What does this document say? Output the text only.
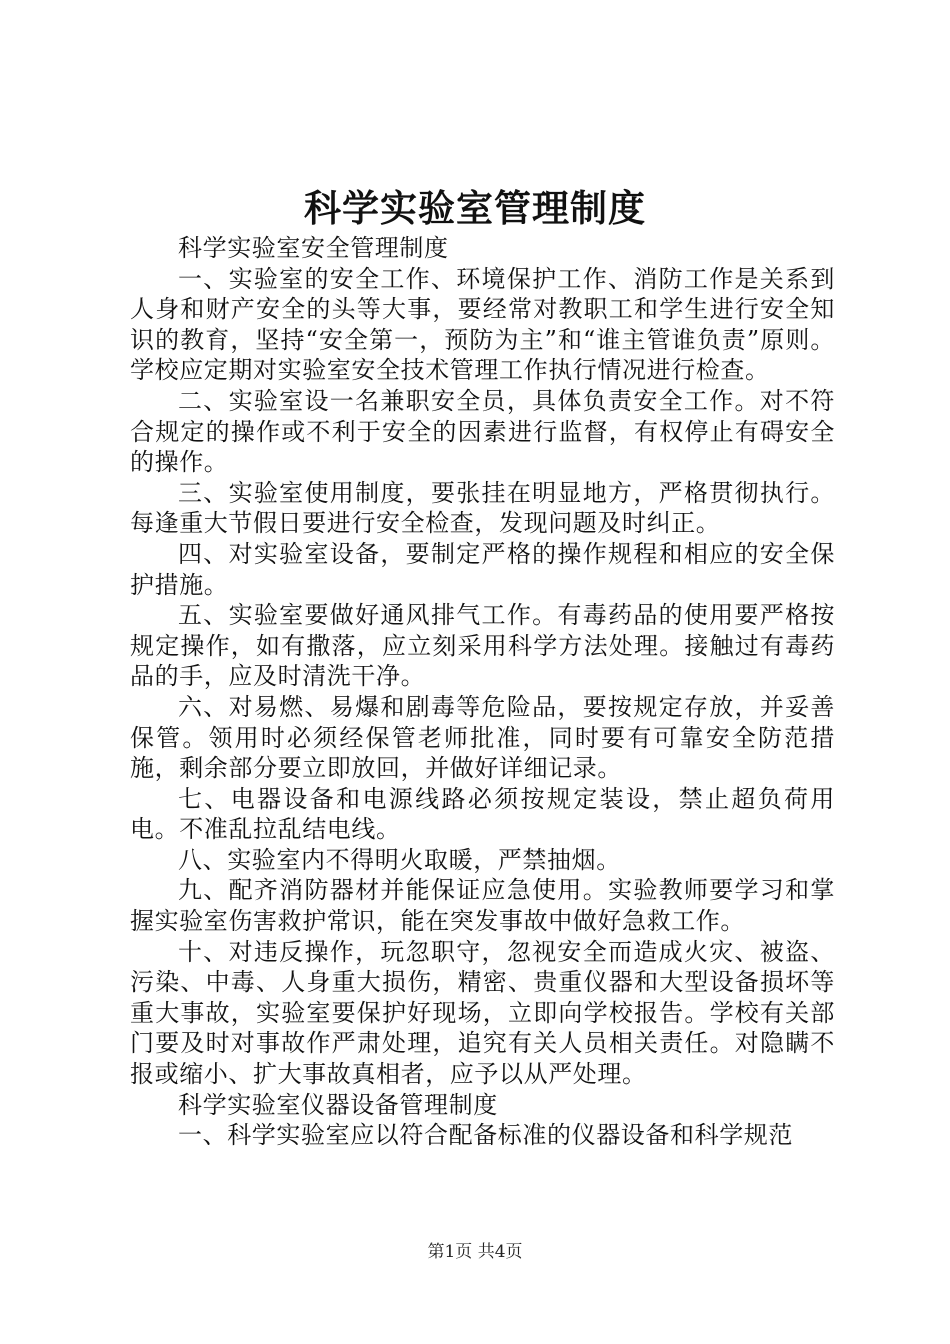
科学实验室管理制度

科学实验室安全管理制度

一、实验室的安全工作、环境保护工作、消防工作是关系到人身和财产安全的头等大事，要经常对教职工和学生进行安全知识的教育，坚持“安全第一，预防为主”和“谁主管谁负责”原则。学校应定期对实验室安全技术管理工作执行情况进行检查。

二、实验室设一名兼职安全员，具体负责安全工作。对不符合规定的操作或不利于安全的因素进行监督，有权停止有碍安全的操作。

三、实验室使用制度，要张挂在明显地方，严格贯彻执行。每逢重大节假日要进行安全检查，发现问题及时纠正。

四、对实验室设备，要制定严格的操作规程和相应的安全保护措施。

五、实验室要做好通风排气工作。有毒药品的使用要严格按规定操作，如有撒落，应立刻采用科学方法处理。接触过有毒药品的手，应及时清洗干净。

六、对易燃、易爆和剧毒等危险品，要按规定存放，并妥善保管。领用时必须经保管老师批准，同时要有可靠安全防范措施，剩余部分要立即放回，并做好详细记录。

七、电器设备和电源线路必须按规定装设，禁止超负荷用电。不准乱拉乱结电线。

八、实验室内不得明火取暖，严禁抽烟。

九、配齐消防器材并能保证应急使用。实验教师要学习和掌握实验室伤害救护常识，能在突发事故中做好急救工作。

十、对违反操作，玩忽职守，忽视安全而造成火灾、被盗、污染、中毒、人身重大损伤，精密、贵重仪器和大型设备损坏等重大事故，实验室要保护好现场，立即向学校报告。学校有关部门要及时对事故作严肃处理，追究有关人员相关责任。对隐瞒不报或缩小、扩大事故真相者，应予以从严处理。

科学实验室仪器设备管理制度

一、科学实验室应以符合配备标准的仪器设备和科学规范

第1页 共4页
